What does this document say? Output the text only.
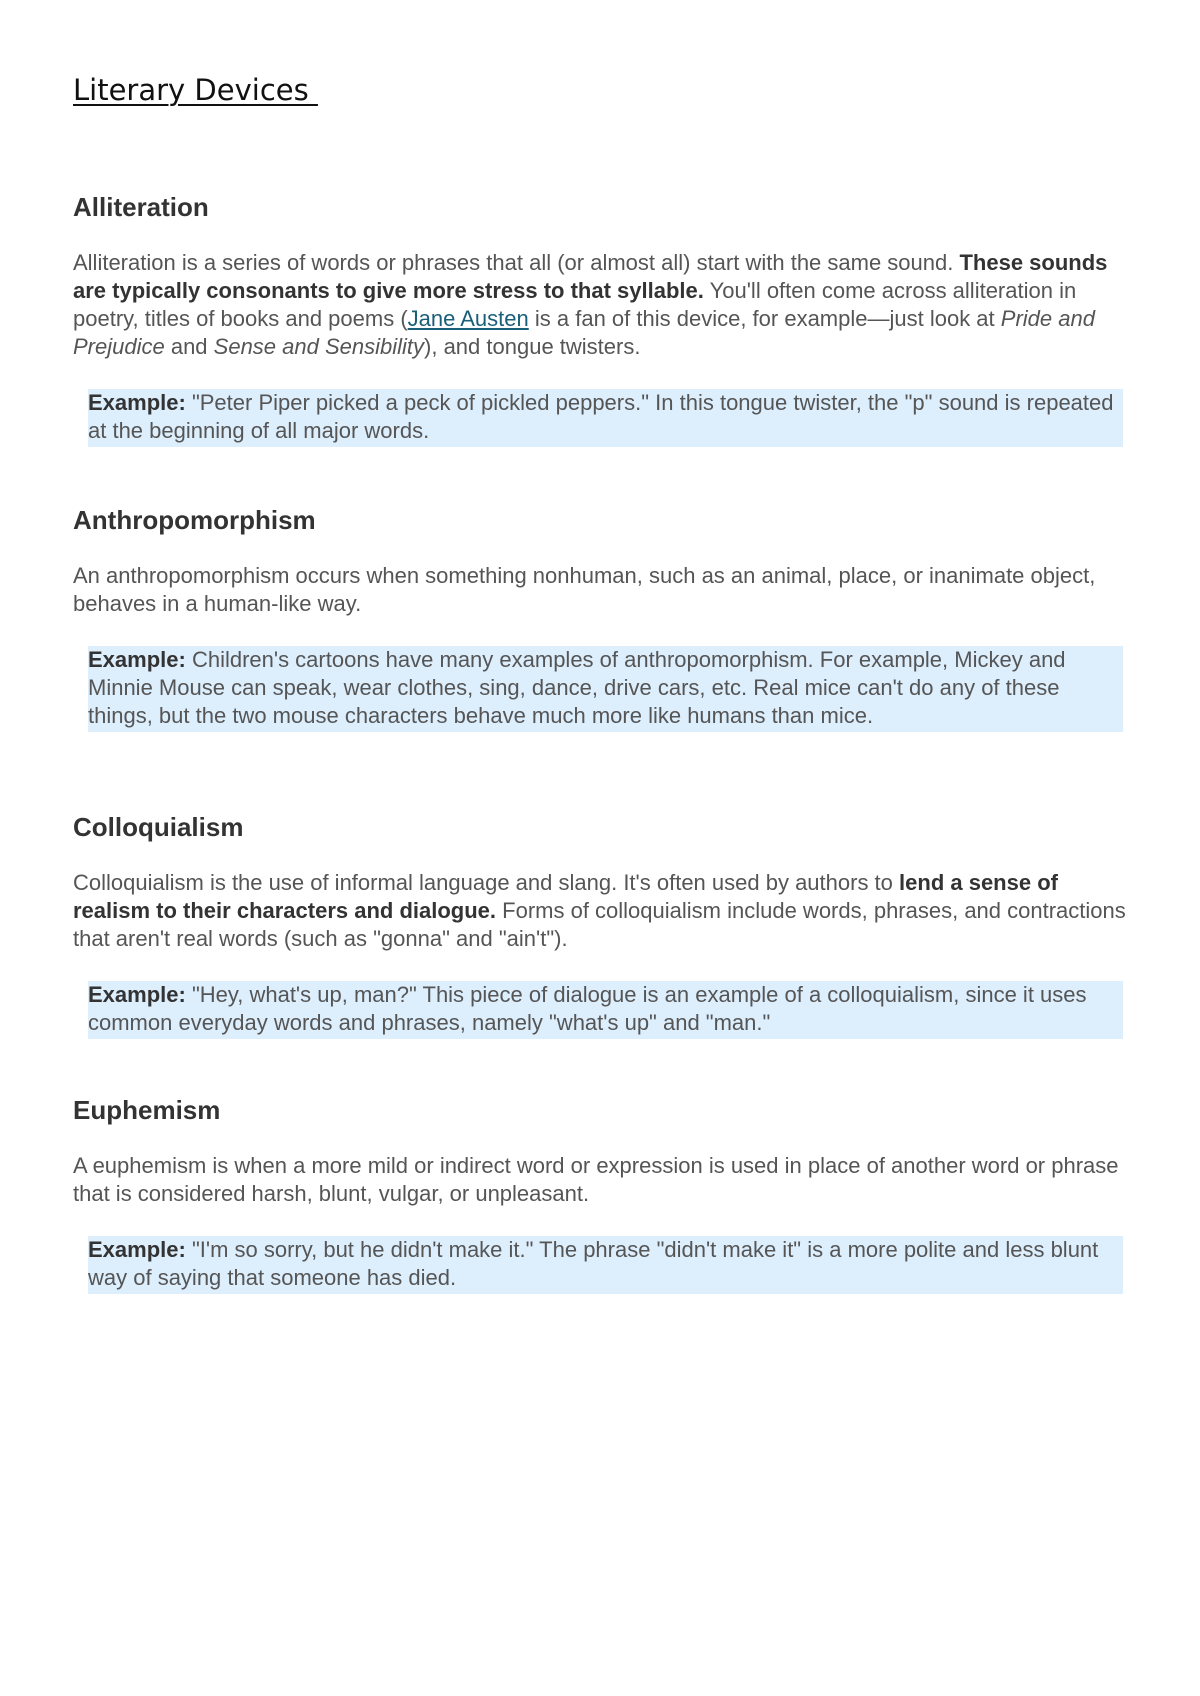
Literary Devices
Alliteration

Alliteration is a series of words or phrases that all (or almost all) start with the same sound. These sounds are typically consonants to give more stress to that syllable. You'll often come across alliteration in poetry, titles of books and poems (Jane Austen is a fan of this device, for example—just look at Pride and Prejudice and Sense and Sensibility), and tongue twisters.

Example: "Peter Piper picked a peck of pickled peppers." In this tongue twister, the "p" sound is repeated at the beginning of all major words.
Anthropomorphism

An anthropomorphism occurs when something nonhuman, such as an animal, place, or inanimate object, behaves in a human-like way.

Example: Children's cartoons have many examples of anthropomorphism. For example, Mickey and Minnie Mouse can speak, wear clothes, sing, dance, drive cars, etc. Real mice can't do any of these things, but the two mouse characters behave much more like humans than mice.
Colloquialism

Colloquialism is the use of informal language and slang. It's often used by authors to lend a sense of realism to their characters and dialogue. Forms of colloquialism include words, phrases, and contractions that aren't real words (such as "gonna" and "ain't").

Example: "Hey, what's up, man?" This piece of dialogue is an example of a colloquialism, since it uses common everyday words and phrases, namely "what's up" and "man."
Euphemism

A euphemism is when a more mild or indirect word or expression is used in place of another word or phrase that is considered harsh, blunt, vulgar, or unpleasant.

Example: "I'm so sorry, but he didn't make it." The phrase "didn't make it" is a more polite and less blunt way of saying that someone has died.
